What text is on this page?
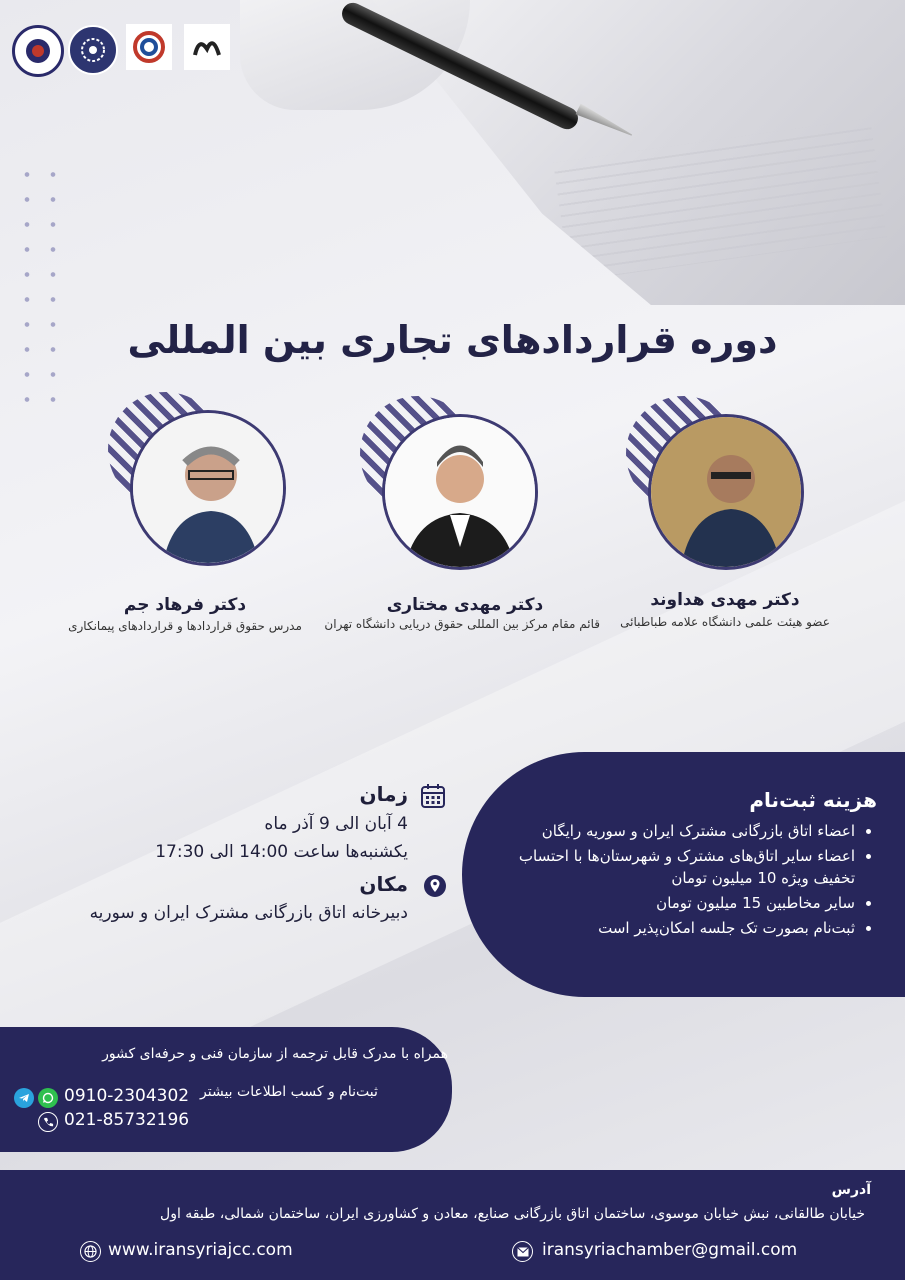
دوره قراردادهای تجاری بین المللی
دکتر مهدی هداوند
عضو هیئت علمی دانشگاه علامه طباطبائی
دکتر مهدی مختاری
قائم مقام مرکز بین المللی حقوق دریایی دانشگاه تهران
دکتر فرهاد جم
مدرس حقوق قراردادها و قراردادهای پیمانکاری
زمان
4 آبان الی 9 آذر ماه
یکشنبه‌ها ساعت 14:00 الی 17:30
مکان
دبیرخانه اتاق بازرگانی مشترک ایران و سوریه
هزینه ثبت‌نام
• اعضاء اتاق بازرگانی مشترک ایران و سوریه رایگان
• اعضاء سایر اتاق‌های مشترک و شهرستان‌ها با احتساب تخفیف ویژه 10 میلیون تومان
• سایر مخاطبین 15 میلیون تومان
• ثبت‌نام بصورت تک جلسه امکان‌پذیر است
همراه با مدرک قابل ترجمه از سازمان فنی و حرفه‌ای کشور
ثبت‌نام و کسب اطلاعات بیشتر
0910-2304302
021-85732196
آدرس
خیابان طالقانی، نبش خیابان موسوی، ساختمان اتاق بازرگانی صنایع، معادن و کشاورزی ایران، ساختمان شمالی، طبقه اول
www.iransyriajcc.com	iransyriachamber@gmail.com
